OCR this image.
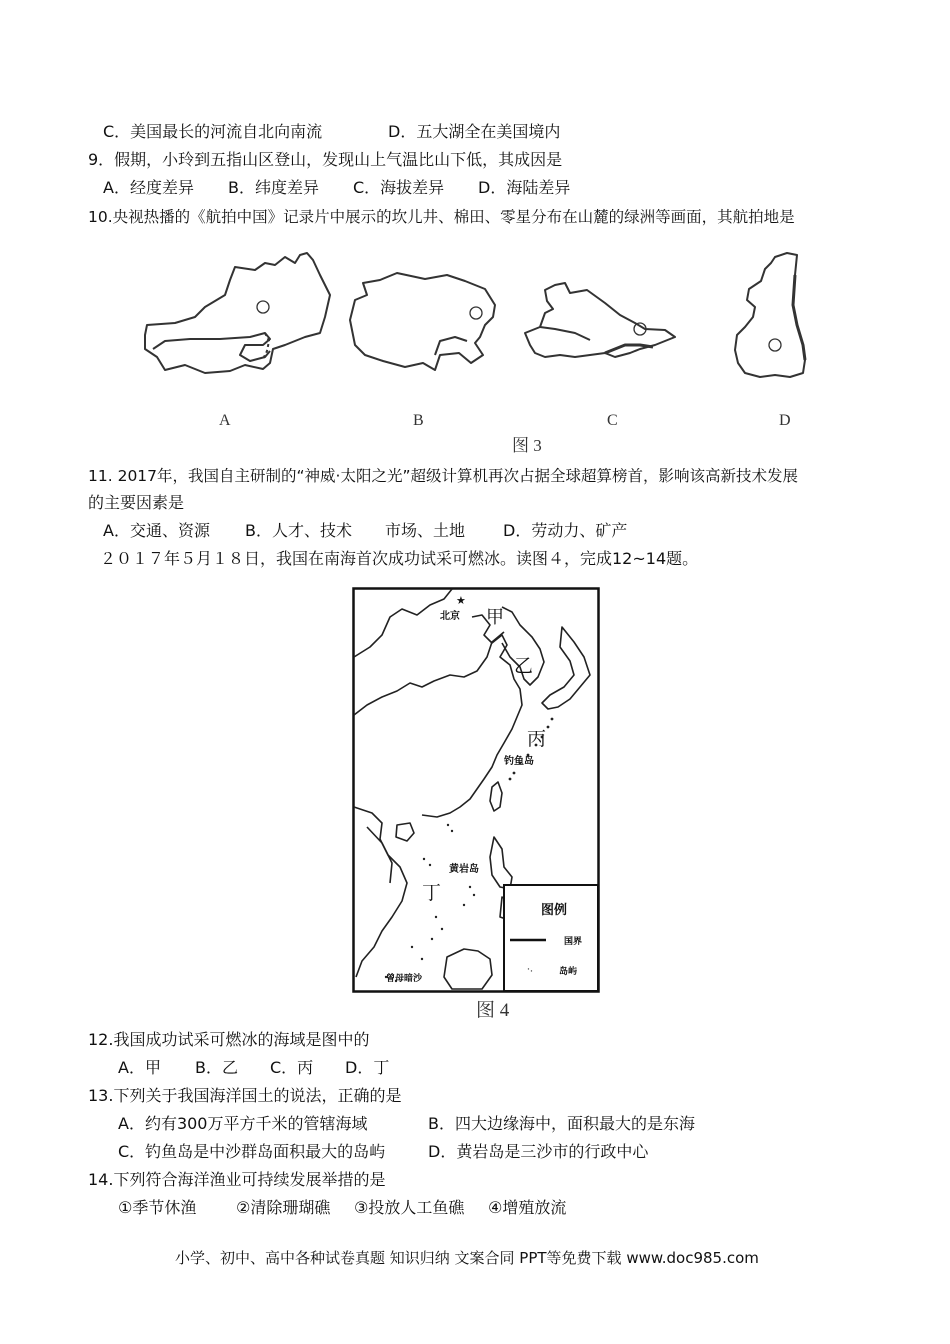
C．美国最长的河流自北向南流	D．五大湖全在美国境内
9．假期，小玲到五指山区登山，发现山上气温比山下低，其成因是
A．经度差异 B．纬度差异 C．海拔差异 D．海陆差异
10.央视热播的《航拍中国》记录片中展示的坎儿井、棉田、零星分布在山麓的绿洲等画面，其航拍地是
A	B	C	D
图 3
11. 2017年，我国自主研制的“神威·太阳之光”超级计算机再次占据全球超算榜首，影响该高新技术发展
的主要因素是
A．交通、资源 B．人才、技术 市场、土地 D．劳动力、矿产
２０１７年５月１８日，我国在南海首次成功试采可燃冰。读图４，完成12~14题。
★
北京 甲
乙
丙
钓鱼岛
黄岩岛
丁
曾母暗沙
图例
国界
⸱⸳	岛屿
图 4
12.我国成功试采可燃冰的海域是图中的
A．甲 B．乙 C．丙 D．丁
13.下列关于我国海洋国土的说法，正确的是
A．约有300万平方千米的管辖海域	B．四大边缘海中，面积最大的是东海
C．钓鱼岛是中沙群岛面积最大的岛屿	D．黄岩岛是三沙市的行政中心
14.下列符合海洋渔业可持续发展举措的是
①季节休渔 ②清除珊瑚礁 ③投放人工鱼礁 ④增殖放流
小学、初中、高中各种试卷真题 知识归纳 文案合同 PPT等免费下载 www.doc985.com
